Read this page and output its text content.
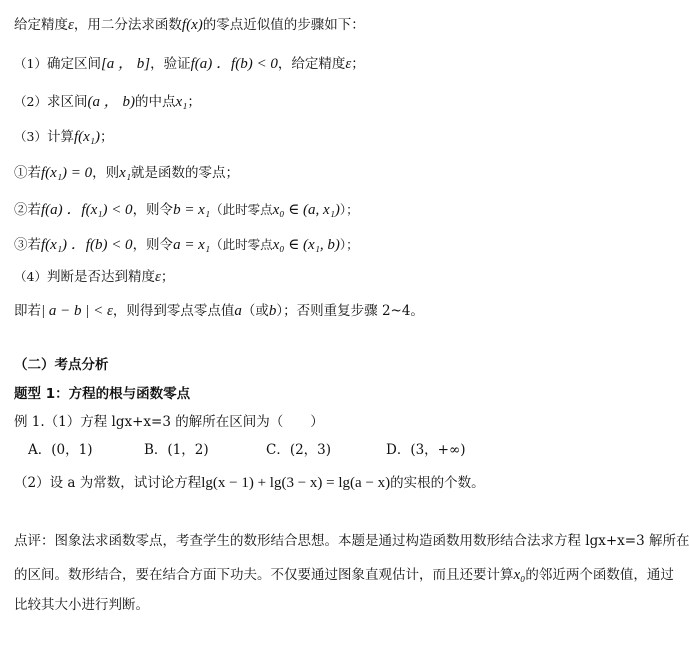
给定精度ε，用二分法求函数f(x)的零点近似值的步骤如下：
（1）确定区间[a ， b]，验证f(a) ．f(b) < 0，给定精度ε；
（2）求区间(a ， b)的中点x₁；
（3）计算f(x₁)；
①若f(x₁) = 0，则x₁就是函数的零点；
②若f(a) ．f(x₁) < 0，则令b = x₁（此时零点x₀ ∈ (a, x₁)）；
③若f(x₁) ．f(b) < 0，则令a = x₁（此时零点x₀ ∈ (x₁, b)）；
（4）判断是否达到精度ε；
即若| a − b | < ε，则得到零点零点值a（或b）；否则重复步骤 2~4。
（二）考点分析
题型 1：方程的根与函数零点
例 1.（1）方程 lgx+x=3 的解所在区间为（　　）
A．(0，1)	B．(1，2)	C．(2，3)	D．(3，+∞)
（2）设 a 为常数，试讨论方程lg(x − 1) + lg(3 − x) = lg(a − x)的实根的个数。
点评：图象法求函数零点，考查学生的数形结合思想。本题是通过构造函数用数形结合法求方程 lgx+x=3 解所在
的区间。数形结合，要在结合方面下功夫。不仅要通过图象直观估计，而且还要计算x₀的邻近两个函数值，通过
比较其大小进行判断。
